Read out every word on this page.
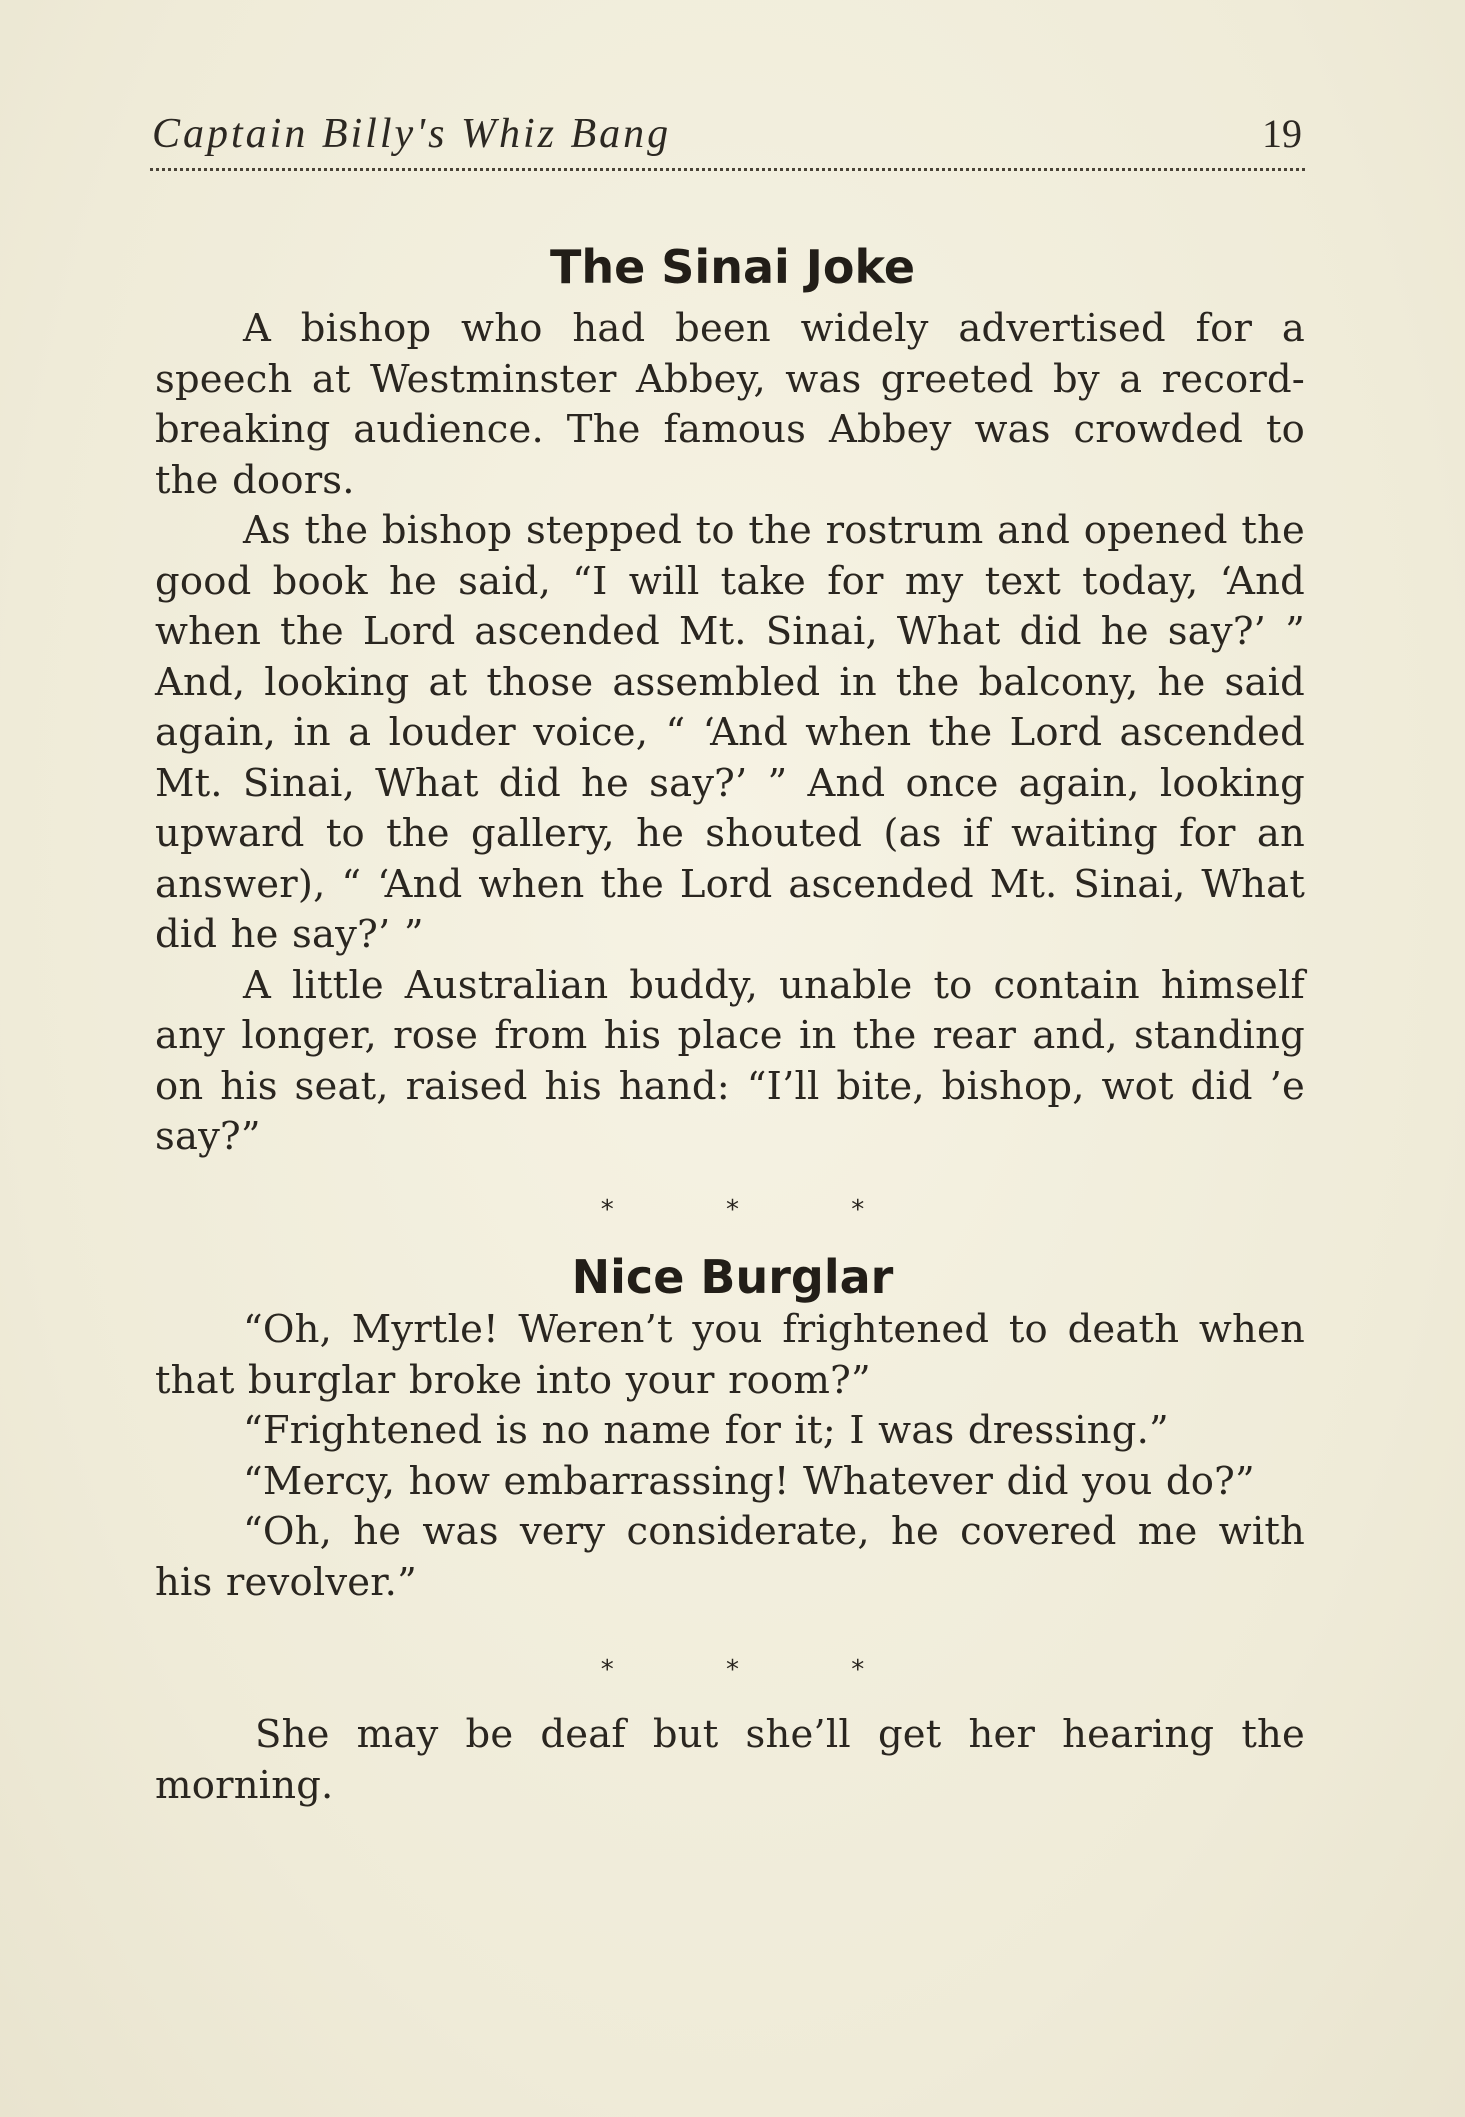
Captain Billy's Whiz Bang	19
The Sinai Joke

A bishop who had been widely advertised for a speech at Westminster Abbey, was greeted by a record-breaking audience. The famous Abbey was crowded to the doors.

As the bishop stepped to the rostrum and opened the good book he said, “I will take for my text today, ‘And when the Lord ascended Mt. Sinai, What did he say?’ ” And, looking at those assembled in the balcony, he said again, in a louder voice, “ ‘And when the Lord ascended Mt. Sinai, What did he say?’ ” And once again, looking upward to the gallery, he shouted (as if waiting for an answer), “ ‘And when the Lord ascended Mt. Sinai, What did he say?’ ”

A little Australian buddy, unable to contain himself any longer, rose from his place in the rear and, standing on his seat, raised his hand: “I’ll bite, bishop, wot did ’e say?”

* * *
Nice Burglar

“Oh, Myrtle! Weren’t you frightened to death when that burglar broke into your room?”

“Frightened is no name for it; I was dressing.”

“Mercy, how embarrassing! Whatever did you do?”

“Oh, he was very considerate, he covered me with his revolver.”

* * *

She may be deaf but she’ll get her hearing the morning.
